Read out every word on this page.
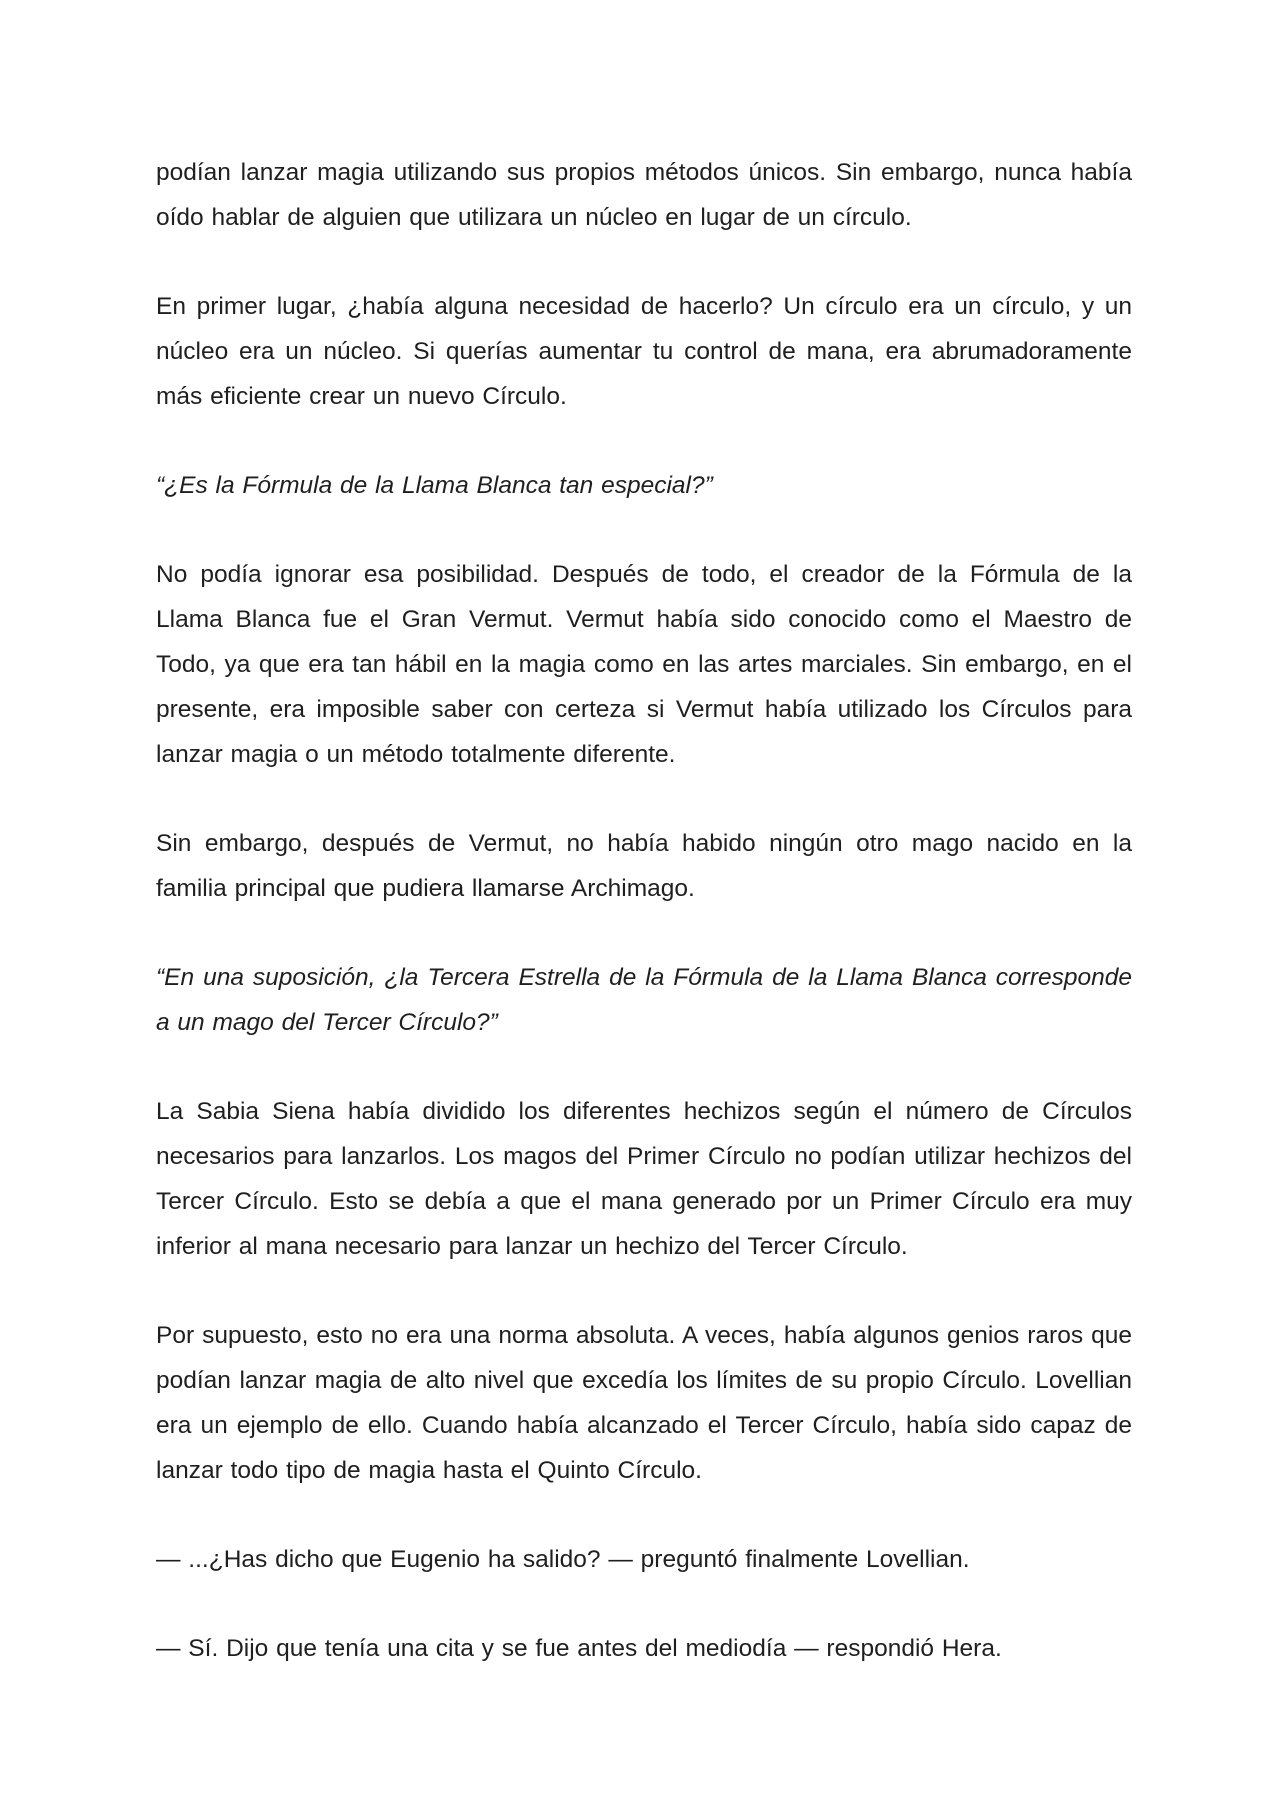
podían lanzar magia utilizando sus propios métodos únicos. Sin embargo, nunca había oído hablar de alguien que utilizara un núcleo en lugar de un círculo.

En primer lugar, ¿había alguna necesidad de hacerlo? Un círculo era un círculo, y un núcleo era un núcleo. Si querías aumentar tu control de mana, era abrumadoramente más eficiente crear un nuevo Círculo.

“¿Es la Fórmula de la Llama Blanca tan especial?”

No podía ignorar esa posibilidad. Después de todo, el creador de la Fórmula de la Llama Blanca fue el Gran Vermut. Vermut había sido conocido como el Maestro de Todo, ya que era tan hábil en la magia como en las artes marciales. Sin embargo, en el presente, era imposible saber con certeza si Vermut había utilizado los Círculos para lanzar magia o un método totalmente diferente.

Sin embargo, después de Vermut, no había habido ningún otro mago nacido en la familia principal que pudiera llamarse Archimago.

“En una suposición, ¿la Tercera Estrella de la Fórmula de la Llama Blanca corresponde a un mago del Tercer Círculo?”

La Sabia Siena había dividido los diferentes hechizos según el número de Círculos necesarios para lanzarlos. Los magos del Primer Círculo no podían utilizar hechizos del Tercer Círculo. Esto se debía a que el mana generado por un Primer Círculo era muy inferior al mana necesario para lanzar un hechizo del Tercer Círculo.

Por supuesto, esto no era una norma absoluta. A veces, había algunos genios raros que podían lanzar magia de alto nivel que excedía los límites de su propio Círculo. Lovellian era un ejemplo de ello. Cuando había alcanzado el Tercer Círculo, había sido capaz de lanzar todo tipo de magia hasta el Quinto Círculo.

— ...¿Has dicho que Eugenio ha salido? — preguntó finalmente Lovellian.

— Sí. Dijo que tenía una cita y se fue antes del mediodía — respondió Hera.
